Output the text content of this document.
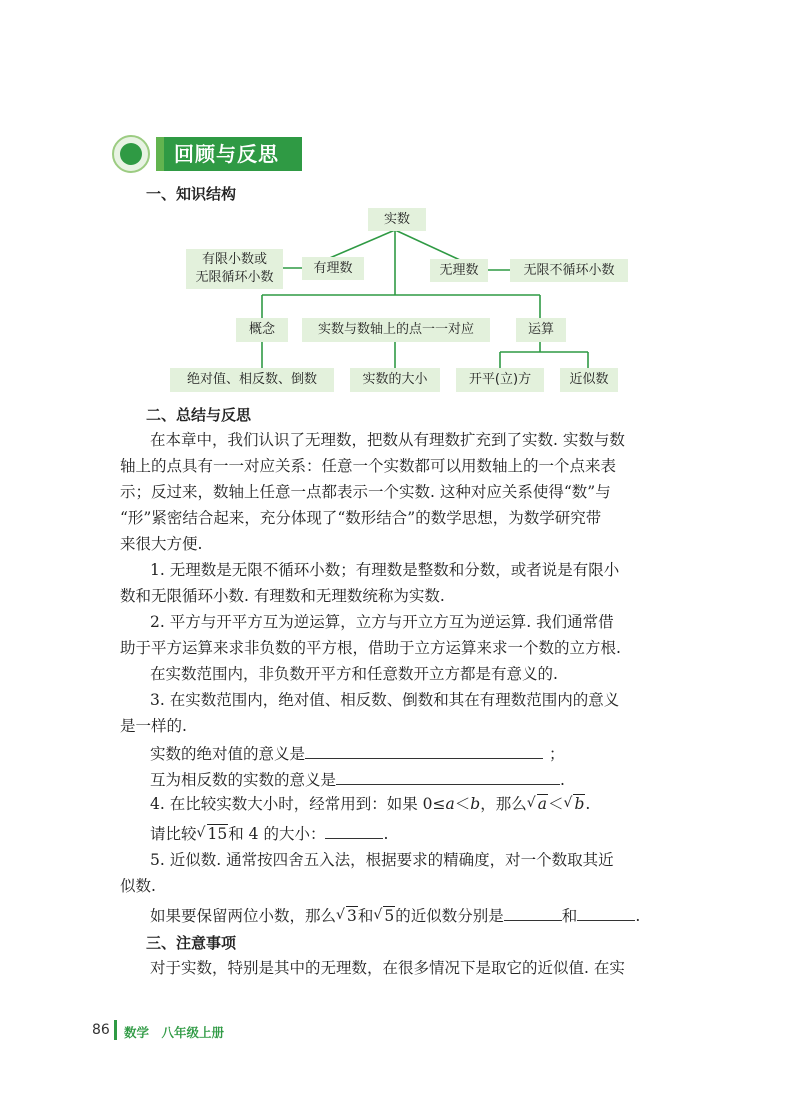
回顾与反思
一、知识结构
实数
有限小数或
无限循环小数
有理数	无理数	无限不循环小数
概念	实数与数轴上的点一一对应	运算
绝对值、相反数、倒数	实数的大小	开平(立)方	近似数
二、总结与反思
在本章中，我们认识了无理数，把数从有理数扩充到了实数. 实数与数
轴上的点具有一一对应关系：任意一个实数都可以用数轴上的一个点来表
示；反过来，数轴上任意一点都表示一个实数. 这种对应关系使得“数”与
“形”紧密结合起来，充分体现了“数形结合”的数学思想，为数学研究带
来很大方便.
1. 无理数是无限不循环小数；有理数是整数和分数，或者说是有限小
数和无限循环小数. 有理数和无理数统称为实数.
2. 平方与开平方互为逆运算，立方与开立方互为逆运算. 我们通常借
助于平方运算来求非负数的平方根，借助于立方运算来求一个数的立方根.
在实数范围内，非负数开平方和任意数开立方都是有意义的.
3. 在实数范围内，绝对值、相反数、倒数和其在有理数范围内的意义
是一样的.
实数的绝对值的意义是	；
互为相反数的实数的意义是	.
4. 在比较实数大小时，经常用到：如果 0≤a＜b，那么 √ a＜ √ b.
请比较 √ 15和 4 的大小：	.
5. 近似数. 通常按四舍五入法，根据要求的精确度，对一个数取其近
似数.
如果要保留两位小数，那么 √ 3和 √ 5的近似数分别是	和	.
三、注意事项
对于实数，特别是其中的无理数，在很多情况下是取它的近似值. 在实
86 数学　八年级上册
